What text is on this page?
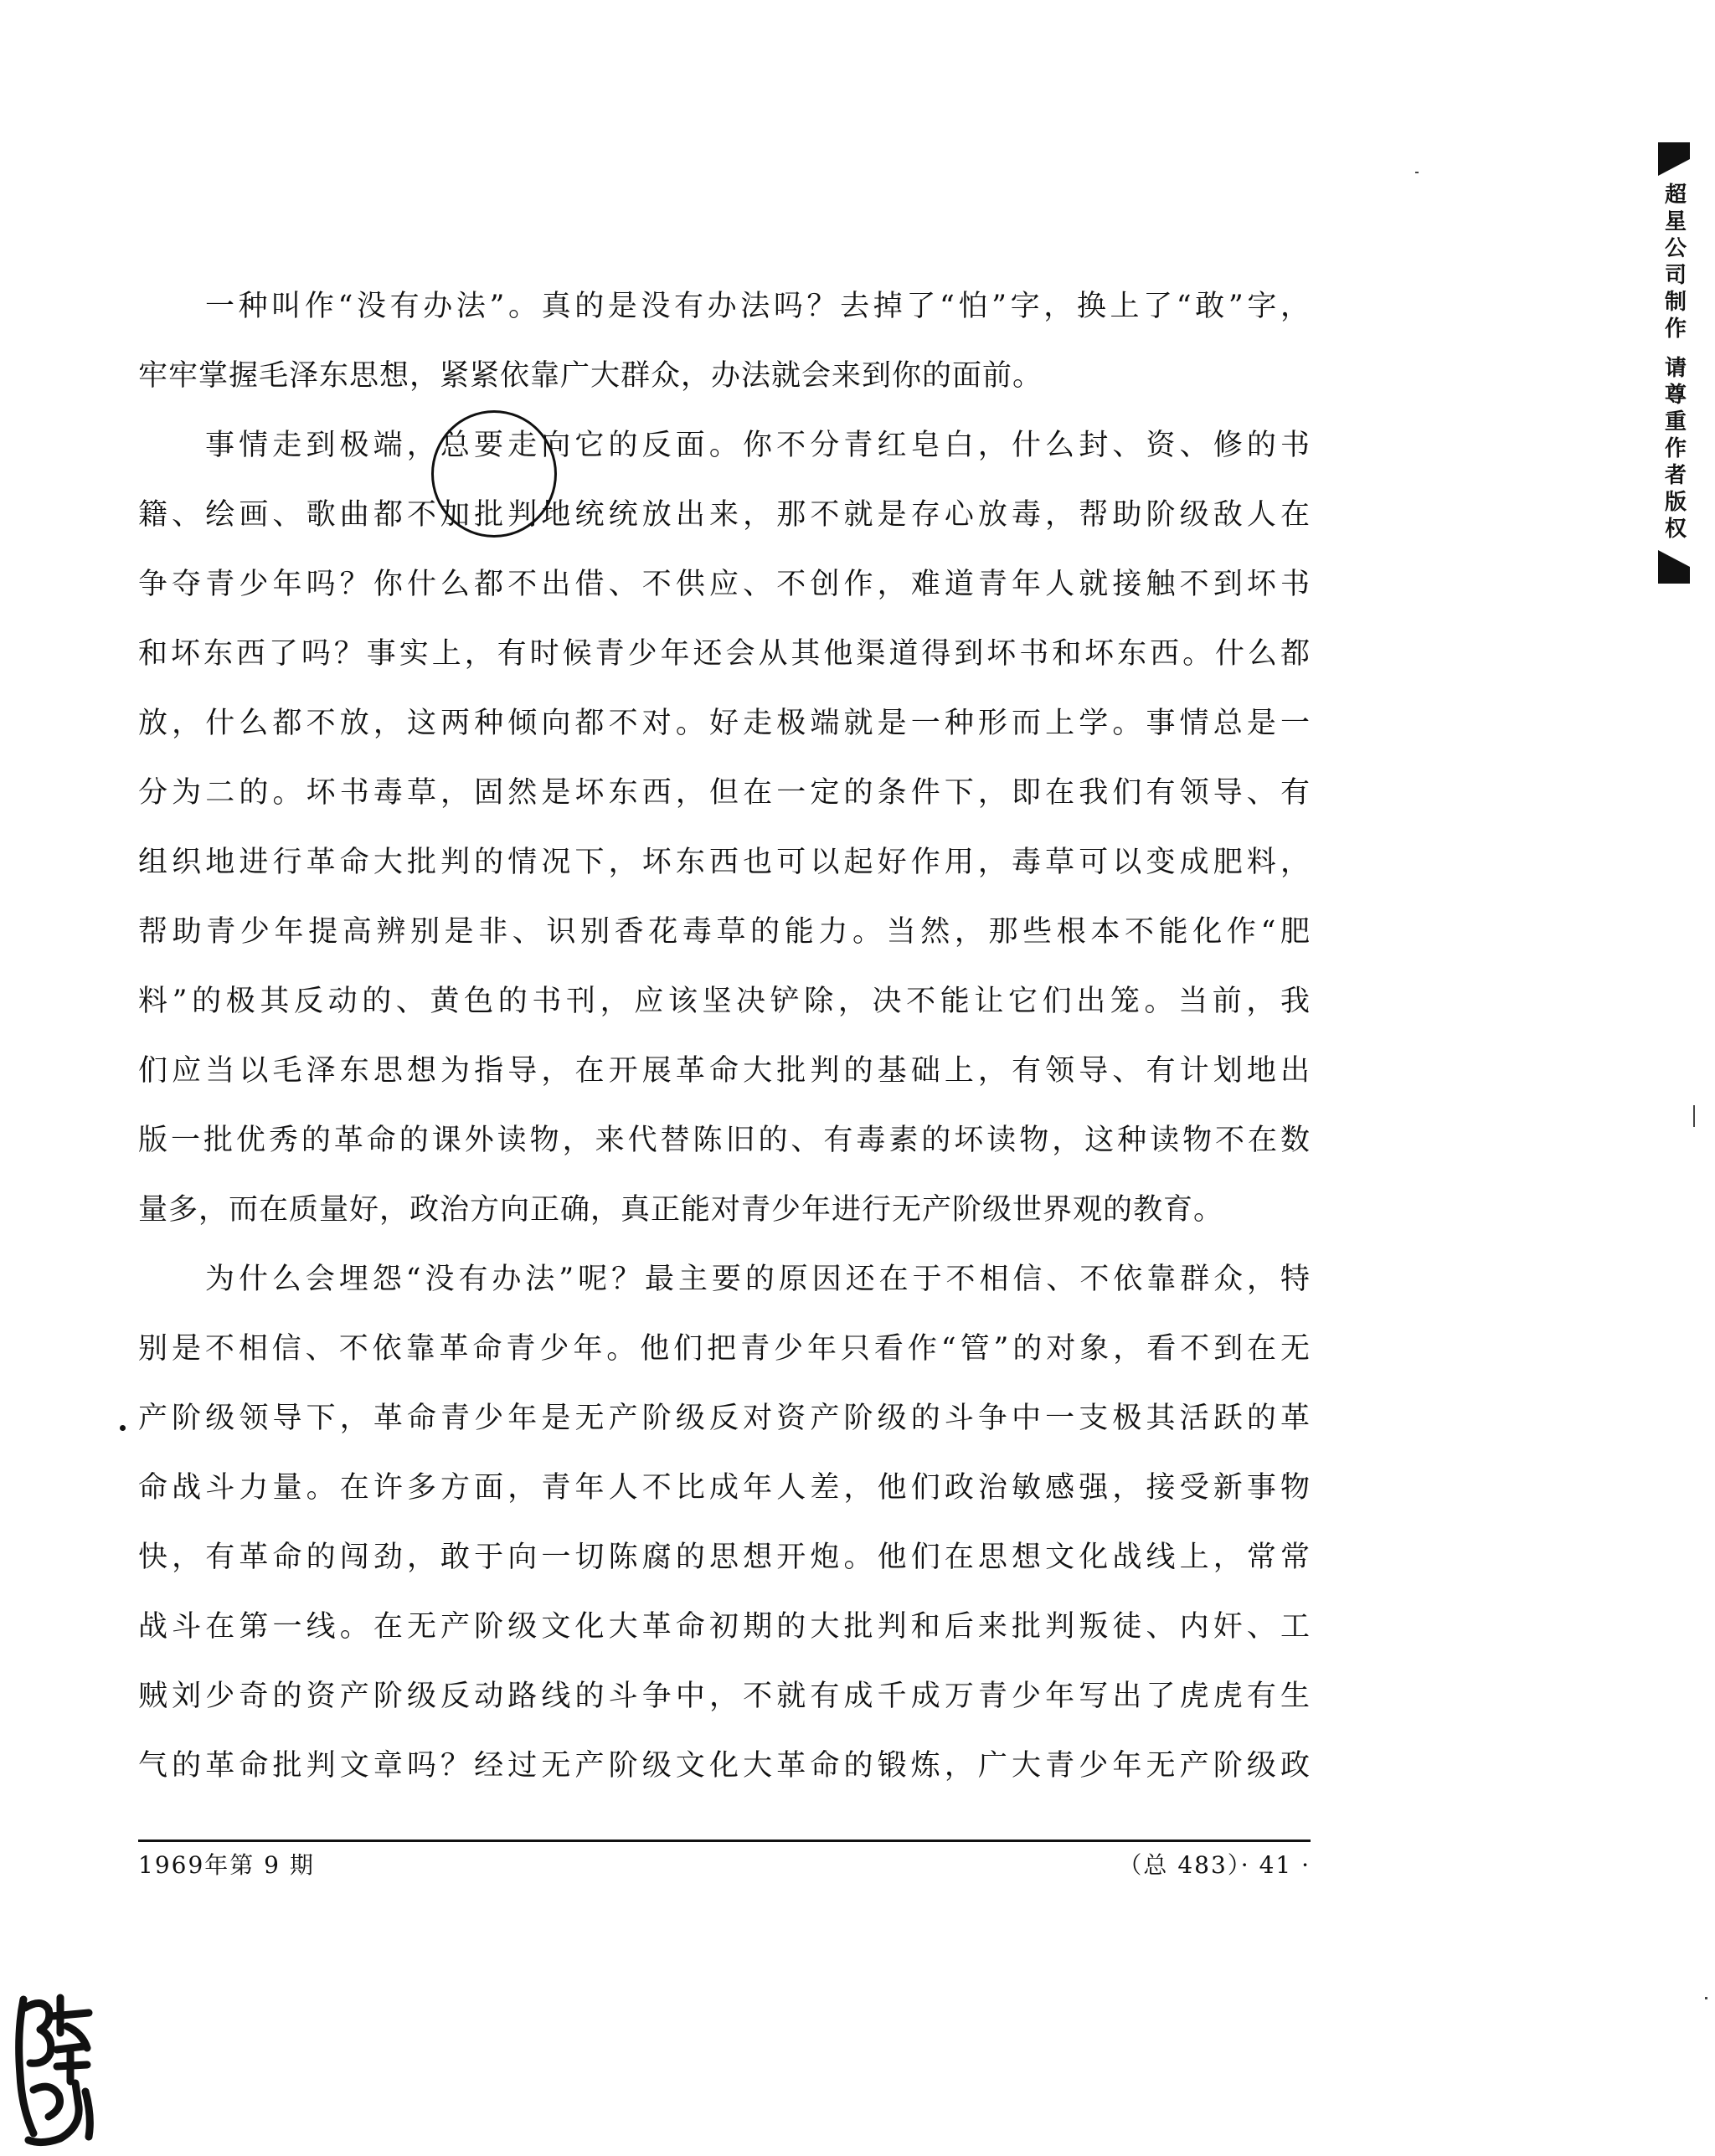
一种叫作“没有办法”。真的是没有办法吗？去掉了“怕”字，换上了“敢”字，

牢牢掌握毛泽东思想，紧紧依靠广大群众，办法就会来到你的面前。

事情走到极端，总要走向它的反面。你不分青红皂白，什么封、资、修的书

籍、绘画、歌曲都不加批判地统统放出来，那不就是存心放毒，帮助阶级敌人在

争夺青少年吗？你什么都不出借、不供应、不创作，难道青年人就接触不到坏书

和坏东西了吗？事实上，有时候青少年还会从其他渠道得到坏书和坏东西。什么都

放，什么都不放，这两种倾向都不对。好走极端就是一种形而上学。事情总是一

分为二的。坏书毒草，固然是坏东西，但在一定的条件下，即在我们有领导、有

组织地进行革命大批判的情况下，坏东西也可以起好作用，毒草可以变成肥料，

帮助青少年提高辨别是非、识别香花毒草的能力。当然，那些根本不能化作“肥

料”的极其反动的、黄色的书刊，应该坚决铲除，决不能让它们出笼。当前，我

们应当以毛泽东思想为指导，在开展革命大批判的基础上，有领导、有计划地出

版一批优秀的革命的课外读物，来代替陈旧的、有毒素的坏读物，这种读物不在数

量多，而在质量好，政治方向正确，真正能对青少年进行无产阶级世界观的教育。

为什么会埋怨“没有办法”呢？最主要的原因还在于不相信、不依靠群众，特

别是不相信、不依靠革命青少年。他们把青少年只看作“管”的对象，看不到在无

产阶级领导下，革命青少年是无产阶级反对资产阶级的斗争中一支极其活跃的革

命战斗力量。在许多方面，青年人不比成年人差，他们政治敏感强，接受新事物

快，有革命的闯劲，敢于向一切陈腐的思想开炮。他们在思想文化战线上，常常

战斗在第一线。在无产阶级文化大革命初期的大批判和后来批判叛徒、内奸、工

贼刘少奇的资产阶级反动路线的斗争中，不就有成千成万青少年写出了虎虎有生

气的革命批判文章吗？经过无产阶级文化大革命的锻炼，广大青少年无产阶级政

1969年第 9 期	（总 483）· 41 ·
超星公司制作 请尊重作者版权
